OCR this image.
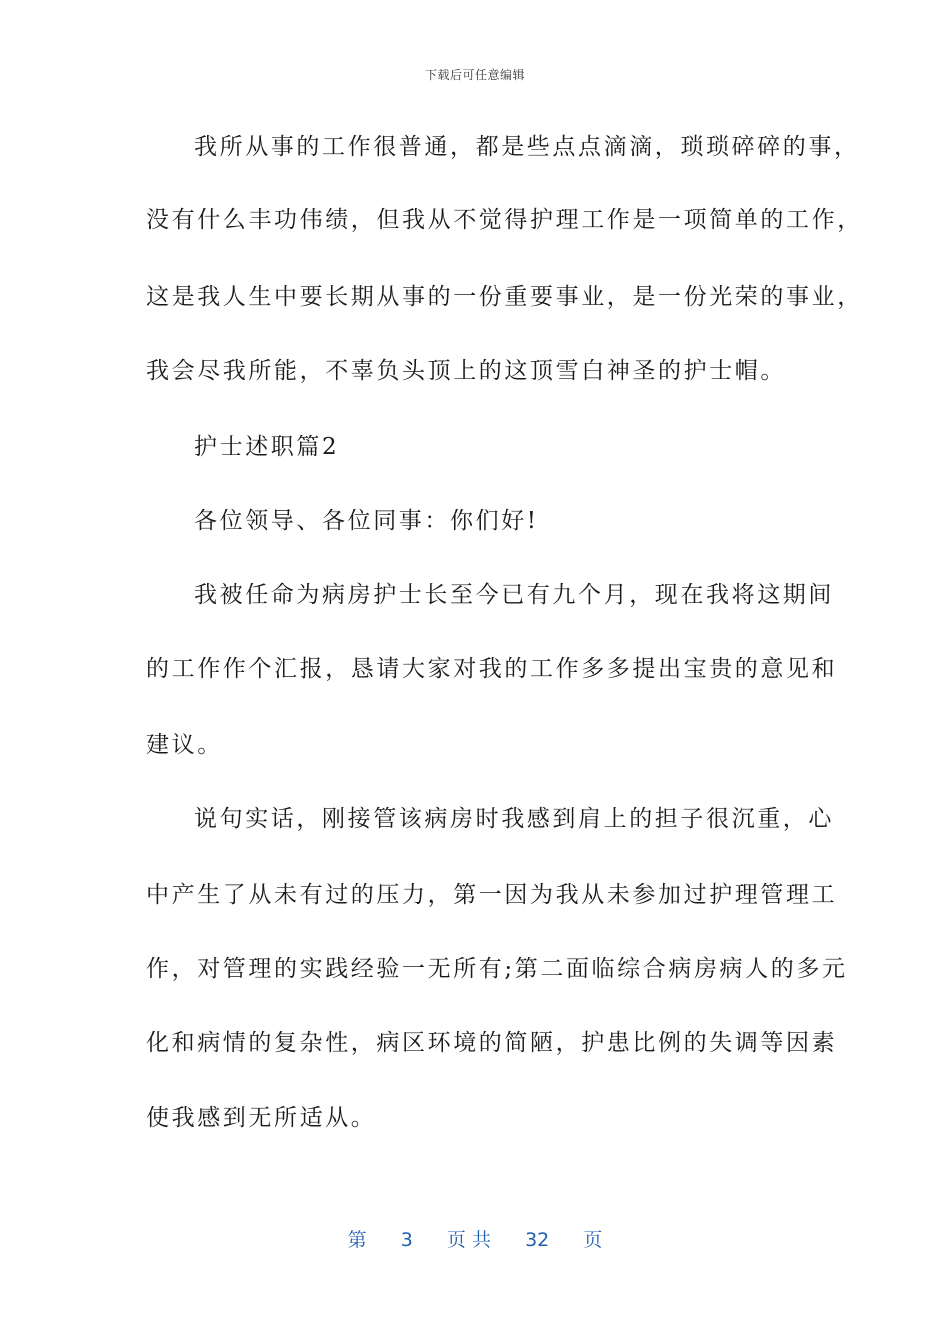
下载后可任意编辑
我所从事的工作很普通，都是些点点滴滴，琐琐碎碎的事，
没有什么丰功伟绩，但我从不觉得护理工作是一项简单的工作，
这是我人生中要长期从事的一份重要事业，是一份光荣的事业，
我会尽我所能，不辜负头顶上的这顶雪白神圣的护士帽。
护士述职篇2
各位领导、各位同事：你们好!
我被任命为病房护士长至今已有九个月，现在我将这期间
的工作作个汇报，恳请大家对我的工作多多提出宝贵的意见和
建议。
说句实话，刚接管该病房时我感到肩上的担子很沉重，心
中产生了从未有过的压力，第一因为我从未参加过护理管理工
作，对管理的实践经验一无所有;第二面临综合病房病人的多元
化和病情的复杂性，病区环境的简陋，护患比例的失调等因素
使我感到无所适从。
第 3 页 共 32 页
